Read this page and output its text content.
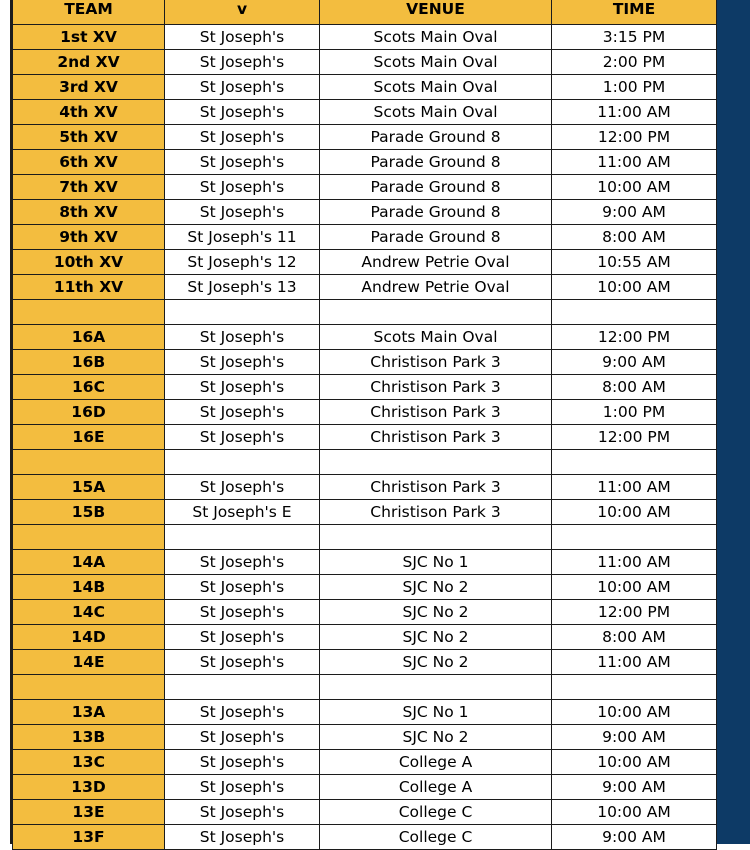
TEAM	v	VENUE	TIME
1st XV	St Joseph's	Scots Main Oval	3:15 PM
2nd XV	St Joseph's	Scots Main Oval	2:00 PM
3rd XV	St Joseph's	Scots Main Oval	1:00 PM
4th XV	St Joseph's	Scots Main Oval	11:00 AM
5th XV	St Joseph's	Parade Ground 8	12:00 PM
6th XV	St Joseph's	Parade Ground 8	11:00 AM
7th XV	St Joseph's	Parade Ground 8	10:00 AM
8th XV	St Joseph's	Parade Ground 8	9:00 AM
9th XV	St Joseph's 11	Parade Ground 8	8:00 AM
10th XV	St Joseph's 12	Andrew Petrie Oval	10:55 AM
11th XV	St Joseph's 13	Andrew Petrie Oval	10:00 AM

16A	St Joseph's	Scots Main Oval	12:00 PM
16B	St Joseph's	Christison Park 3	9:00 AM
16C	St Joseph's	Christison Park 3	8:00 AM
16D	St Joseph's	Christison Park 3	1:00 PM
16E	St Joseph's	Christison Park 3	12:00 PM

15A	St Joseph's	Christison Park 3	11:00 AM
15B	St Joseph's E	Christison Park 3	10:00 AM

14A	St Joseph's	SJC No 1	11:00 AM
14B	St Joseph's	SJC No 2	10:00 AM
14C	St Joseph's	SJC No 2	12:00 PM
14D	St Joseph's	SJC No 2	8:00 AM
14E	St Joseph's	SJC No 2	11:00 AM

13A	St Joseph's	SJC No 1	10:00 AM
13B	St Joseph's	SJC No 2	9:00 AM
13C	St Joseph's	College A	10:00 AM
13D	St Joseph's	College A	9:00 AM
13E	St Joseph's	College C	10:00 AM
13F	St Joseph's	College C	9:00 AM
